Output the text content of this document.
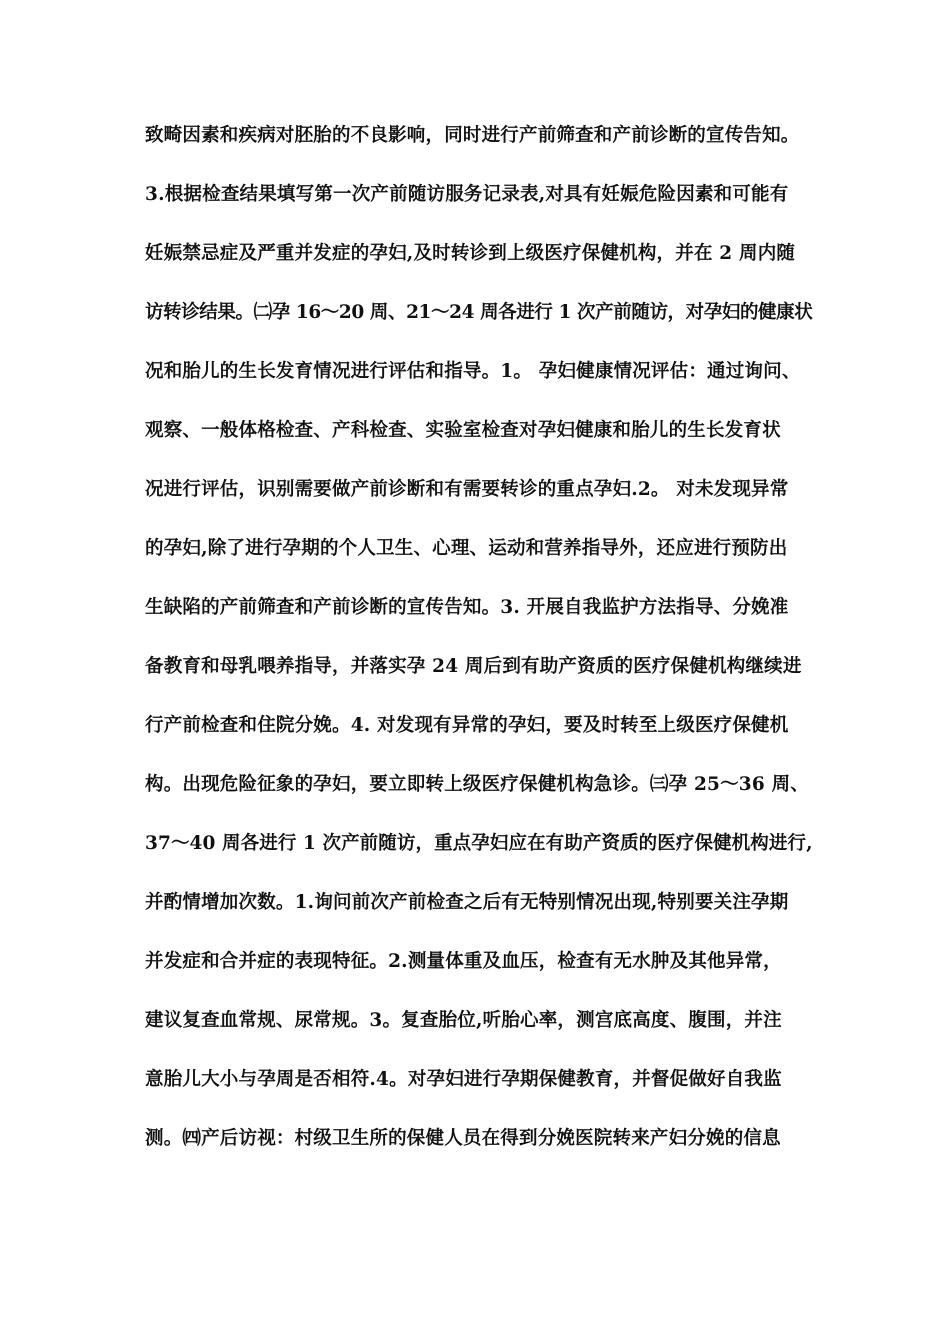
致畸因素和疾病对胚胎的不良影响，同时进行产前筛查和产前诊断的宣传告知。
3.根据检查结果填写第一次产前随访服务记录表,对具有妊娠危险因素和可能有
妊娠禁忌症及严重并发症的孕妇,及时转诊到上级医疗保健机构，并在 2 周内随
访转诊结果。㈡孕 16～20 周、21～24 周各进行 1 次产前随访，对孕妇的健康状
况和胎儿的生长发育情况进行评估和指导。1。 孕妇健康情况评估：通过询问、
观察、一般体格检查、产科检查、实验室检查对孕妇健康和胎儿的生长发育状
况进行评估，识别需要做产前诊断和有需要转诊的重点孕妇.2。 对未发现异常
的孕妇,除了进行孕期的个人卫生、心理、运动和营养指导外，还应进行预防出
生缺陷的产前筛查和产前诊断的宣传告知。3. 开展自我监护方法指导、分娩准
备教育和母乳喂养指导，并落实孕 24 周后到有助产资质的医疗保健机构继续进
行产前检查和住院分娩。4. 对发现有异常的孕妇，要及时转至上级医疗保健机
构。出现危险征象的孕妇，要立即转上级医疗保健机构急诊。㈢孕 25～36 周、
37～40 周各进行 1 次产前随访，重点孕妇应在有助产资质的医疗保健机构进行,
并酌情增加次数。1.询问前次产前检查之后有无特别情况出现,特别要关注孕期
并发症和合并症的表现特征。2.测量体重及血压，检查有无水肿及其他异常，
建议复查血常规、尿常规。3。复查胎位,听胎心率，测宫底高度、腹围，并注
意胎儿大小与孕周是否相符.4。对孕妇进行孕期保健教育，并督促做好自我监
测。㈣产后访视：村级卫生所的保健人员在得到分娩医院转来产妇分娩的信息
